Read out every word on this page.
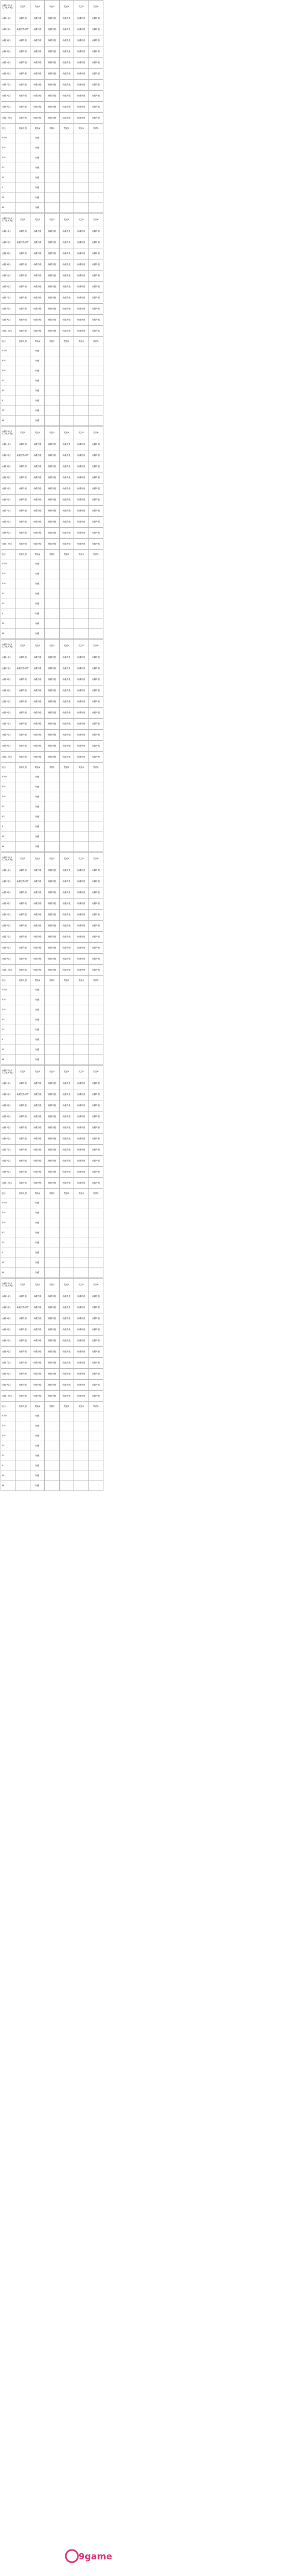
仙藏传说(大礼:2星+7级)	奖励1	奖励2	奖励3	奖励4	奖励5	奖励6
仙藏(1星)	仙藏升级	仙藏升级	仙藏升级	仙藏升级	仙藏升级	仙藏升级
仙藏(2星)	仙藏宝物部件	仙藏升级	仙藏升级	仙藏升级	仙藏升级	仙藏升级
仙藏(3星)	仙藏升级	仙藏升级	仙藏升级	仙藏升级	仙藏升级	仙藏升级
仙藏(4星)	仙藏升级	仙藏升级	仙藏升级	仙藏升级	仙藏升级	仙藏升级
仙藏(5星)	仙藏升级	仙藏升级	仙藏升级	仙藏升级	仙藏升级	仙藏升级
仙藏(6星)	仙藏升级	仙藏升级	仙藏升级	仙藏升级	仙藏升级	仙藏升级
仙藏(7星)	仙藏升级	仙藏升级	仙藏升级	仙藏升级	仙藏升级	仙藏升级
仙藏(8星)	仙藏升级	仙藏升级	仙藏升级	仙藏升级	仙藏升级	仙藏升级
仙藏(9星)	仙藏升级	仙藏升级	仙藏升级	仙藏升级	仙藏升级	仙藏升级
仙藏(10星)	仙藏升级	仙藏升级	仙藏升级	仙藏升级	仙藏升级	仙藏升级
积分	领取人数	奖励1	奖励2	奖励3	奖励4	奖励5
2000		仙藏				
500		仙藏				
100		仙藏				
50		仙藏				
10		仙藏				
5		仙藏				
10		仙藏				
15		仙藏				
仙藏传说(大礼:2星+7级)	奖励1	奖励2	奖励3	奖励4	奖励5	奖励6
仙藏(1星)	仙藏升级	仙藏升级	仙藏升级	仙藏升级	仙藏升级	仙藏升级
仙藏(2星)	仙藏宝物部件	仙藏升级	仙藏升级	仙藏升级	仙藏升级	仙藏升级
仙藏(3星)	仙藏升级	仙藏升级	仙藏升级	仙藏升级	仙藏升级	仙藏升级
仙藏(4星)	仙藏升级	仙藏升级	仙藏升级	仙藏升级	仙藏升级	仙藏升级
仙藏(5星)	仙藏升级	仙藏升级	仙藏升级	仙藏升级	仙藏升级	仙藏升级
仙藏(6星)	仙藏升级	仙藏升级	仙藏升级	仙藏升级	仙藏升级	仙藏升级
仙藏(7星)	仙藏升级	仙藏升级	仙藏升级	仙藏升级	仙藏升级	仙藏升级
仙藏(8星)	仙藏升级	仙藏升级	仙藏升级	仙藏升级	仙藏升级	仙藏升级
仙藏(9星)	仙藏升级	仙藏升级	仙藏升级	仙藏升级	仙藏升级	仙藏升级
仙藏(10星)	仙藏升级	仙藏升级	仙藏升级	仙藏升级	仙藏升级	仙藏升级
积分	领取人数	奖励1	奖励2	奖励3	奖励4	奖励5
2000		仙藏				
500		仙藏				
100		仙藏				
50		仙藏				
10		仙藏				
5		仙藏				
10		仙藏				
15		仙藏				
仙藏传说(大礼:2星+7级)	奖励1	奖励2	奖励3	奖励4	奖励5	奖励6
仙藏(1星)	仙藏升级	仙藏升级	仙藏升级	仙藏升级	仙藏升级	仙藏升级
仙藏(2星)	仙藏宝物部件	仙藏升级	仙藏升级	仙藏升级	仙藏升级	仙藏升级
仙藏(3星)	仙藏升级	仙藏升级	仙藏升级	仙藏升级	仙藏升级	仙藏升级
仙藏(4星)	仙藏升级	仙藏升级	仙藏升级	仙藏升级	仙藏升级	仙藏升级
仙藏(5星)	仙藏升级	仙藏升级	仙藏升级	仙藏升级	仙藏升级	仙藏升级
仙藏(6星)	仙藏升级	仙藏升级	仙藏升级	仙藏升级	仙藏升级	仙藏升级
仙藏(7星)	仙藏升级	仙藏升级	仙藏升级	仙藏升级	仙藏升级	仙藏升级
仙藏(8星)	仙藏升级	仙藏升级	仙藏升级	仙藏升级	仙藏升级	仙藏升级
仙藏(9星)	仙藏升级	仙藏升级	仙藏升级	仙藏升级	仙藏升级	仙藏升级
仙藏(10星)	仙藏升级	仙藏升级	仙藏升级	仙藏升级	仙藏升级	仙藏升级
积分	领取人数	奖励1	奖励2	奖励3	奖励4	奖励5
2000		仙藏				
500		仙藏				
100		仙藏				
50		仙藏				
10		仙藏				
5		仙藏				
10		仙藏				
15		仙藏				
仙藏传说(大礼:2星+7级)	奖励1	奖励2	奖励3	奖励4	奖励5	奖励6
仙藏(1星)	仙藏升级	仙藏升级	仙藏升级	仙藏升级	仙藏升级	仙藏升级
仙藏(2星)	仙藏宝物部件	仙藏升级	仙藏升级	仙藏升级	仙藏升级	仙藏升级
仙藏(3星)	仙藏升级	仙藏升级	仙藏升级	仙藏升级	仙藏升级	仙藏升级
仙藏(4星)	仙藏升级	仙藏升级	仙藏升级	仙藏升级	仙藏升级	仙藏升级
仙藏(5星)	仙藏升级	仙藏升级	仙藏升级	仙藏升级	仙藏升级	仙藏升级
仙藏(6星)	仙藏升级	仙藏升级	仙藏升级	仙藏升级	仙藏升级	仙藏升级
仙藏(7星)	仙藏升级	仙藏升级	仙藏升级	仙藏升级	仙藏升级	仙藏升级
仙藏(8星)	仙藏升级	仙藏升级	仙藏升级	仙藏升级	仙藏升级	仙藏升级
仙藏(9星)	仙藏升级	仙藏升级	仙藏升级	仙藏升级	仙藏升级	仙藏升级
仙藏(10星)	仙藏升级	仙藏升级	仙藏升级	仙藏升级	仙藏升级	仙藏升级
积分	领取人数	奖励1	奖励2	奖励3	奖励4	奖励5
2000		仙藏				
500		仙藏				
100		仙藏				
50		仙藏				
10		仙藏				
5		仙藏				
10		仙藏				
15		仙藏				
仙藏传说(大礼:2星+7级)	奖励1	奖励2	奖励3	奖励4	奖励5	奖励6
仙藏(1星)	仙藏升级	仙藏升级	仙藏升级	仙藏升级	仙藏升级	仙藏升级
仙藏(2星)	仙藏宝物部件	仙藏升级	仙藏升级	仙藏升级	仙藏升级	仙藏升级
仙藏(3星)	仙藏升级	仙藏升级	仙藏升级	仙藏升级	仙藏升级	仙藏升级
仙藏(4星)	仙藏升级	仙藏升级	仙藏升级	仙藏升级	仙藏升级	仙藏升级
仙藏(5星)	仙藏升级	仙藏升级	仙藏升级	仙藏升级	仙藏升级	仙藏升级
仙藏(6星)	仙藏升级	仙藏升级	仙藏升级	仙藏升级	仙藏升级	仙藏升级
仙藏(7星)	仙藏升级	仙藏升级	仙藏升级	仙藏升级	仙藏升级	仙藏升级
仙藏(8星)	仙藏升级	仙藏升级	仙藏升级	仙藏升级	仙藏升级	仙藏升级
仙藏(9星)	仙藏升级	仙藏升级	仙藏升级	仙藏升级	仙藏升级	仙藏升级
仙藏(10星)	仙藏升级	仙藏升级	仙藏升级	仙藏升级	仙藏升级	仙藏升级
积分	领取人数	奖励1	奖励2	奖励3	奖励4	奖励5
2000		仙藏				
500		仙藏				
100		仙藏				
50		仙藏				
10		仙藏				
5		仙藏				
10		仙藏				
15		仙藏				
仙藏传说(大礼:2星+7级)	奖励1	奖励2	奖励3	奖励4	奖励5	奖励6
仙藏(1星)	仙藏升级	仙藏升级	仙藏升级	仙藏升级	仙藏升级	仙藏升级
仙藏(2星)	仙藏宝物部件	仙藏升级	仙藏升级	仙藏升级	仙藏升级	仙藏升级
仙藏(3星)	仙藏升级	仙藏升级	仙藏升级	仙藏升级	仙藏升级	仙藏升级
仙藏(4星)	仙藏升级	仙藏升级	仙藏升级	仙藏升级	仙藏升级	仙藏升级
仙藏(5星)	仙藏升级	仙藏升级	仙藏升级	仙藏升级	仙藏升级	仙藏升级
仙藏(6星)	仙藏升级	仙藏升级	仙藏升级	仙藏升级	仙藏升级	仙藏升级
仙藏(7星)	仙藏升级	仙藏升级	仙藏升级	仙藏升级	仙藏升级	仙藏升级
仙藏(8星)	仙藏升级	仙藏升级	仙藏升级	仙藏升级	仙藏升级	仙藏升级
仙藏(9星)	仙藏升级	仙藏升级	仙藏升级	仙藏升级	仙藏升级	仙藏升级
仙藏(10星)	仙藏升级	仙藏升级	仙藏升级	仙藏升级	仙藏升级	仙藏升级
积分	领取人数	奖励1	奖励2	奖励3	奖励4	奖励5
2000		仙藏				
500		仙藏				
100		仙藏				
50		仙藏				
10		仙藏				
5		仙藏				
10		仙藏				
15		仙藏				
仙藏传说(大礼:2星+7级)	奖励1	奖励2	奖励3	奖励4	奖励5	奖励6
仙藏(1星)	仙藏升级	仙藏升级	仙藏升级	仙藏升级	仙藏升级	仙藏升级
仙藏(2星)	仙藏宝物部件	仙藏升级	仙藏升级	仙藏升级	仙藏升级	仙藏升级
仙藏(3星)	仙藏升级	仙藏升级	仙藏升级	仙藏升级	仙藏升级	仙藏升级
仙藏(4星)	仙藏升级	仙藏升级	仙藏升级	仙藏升级	仙藏升级	仙藏升级
仙藏(5星)	仙藏升级	仙藏升级	仙藏升级	仙藏升级	仙藏升级	仙藏升级
仙藏(6星)	仙藏升级	仙藏升级	仙藏升级	仙藏升级	仙藏升级	仙藏升级
仙藏(7星)	仙藏升级	仙藏升级	仙藏升级	仙藏升级	仙藏升级	仙藏升级
仙藏(8星)	仙藏升级	仙藏升级	仙藏升级	仙藏升级	仙藏升级	仙藏升级
仙藏(9星)	仙藏升级	仙藏升级	仙藏升级	仙藏升级	仙藏升级	仙藏升级
仙藏(10星)	仙藏升级	仙藏升级	仙藏升级	仙藏升级	仙藏升级	仙藏升级
积分	领取人数	奖励1	奖励2	奖励3	奖励4	奖励5
2000		仙藏				
500		仙藏				
100		仙藏				
50		仙藏				
10		仙藏				
5		仙藏				
10		仙藏				
15		仙藏				
9game
